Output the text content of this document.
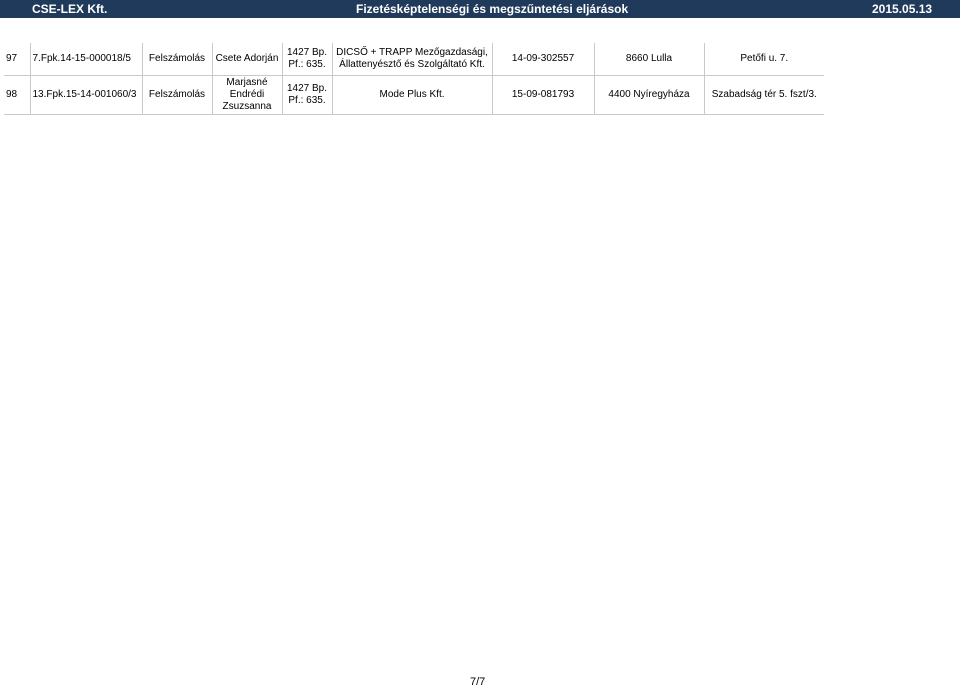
CSE-LEX Kft.	Fizetésképtelenségi és megszűntetési eljárások	2015.05.13
97	7.Fpk.14-15-000018/5	Felszámolás	Csete Adorján	1427 Bp. Pf.: 635.	DICSŐ + TRAPP Mezőgazdasági, Állattenyésztő és Szolgáltató Kft.	14-09-302557	8660 Lulla	Petőfi u. 7.
98	13.Fpk.15-14-001060/3	Felszámolás	Marjasné Endrédi Zsuzsanna	1427 Bp. Pf.: 635.	Mode Plus Kft.	15-09-081793	4400 Nyíregyháza	Szabadság tér 5. fszt/3.
7/7
